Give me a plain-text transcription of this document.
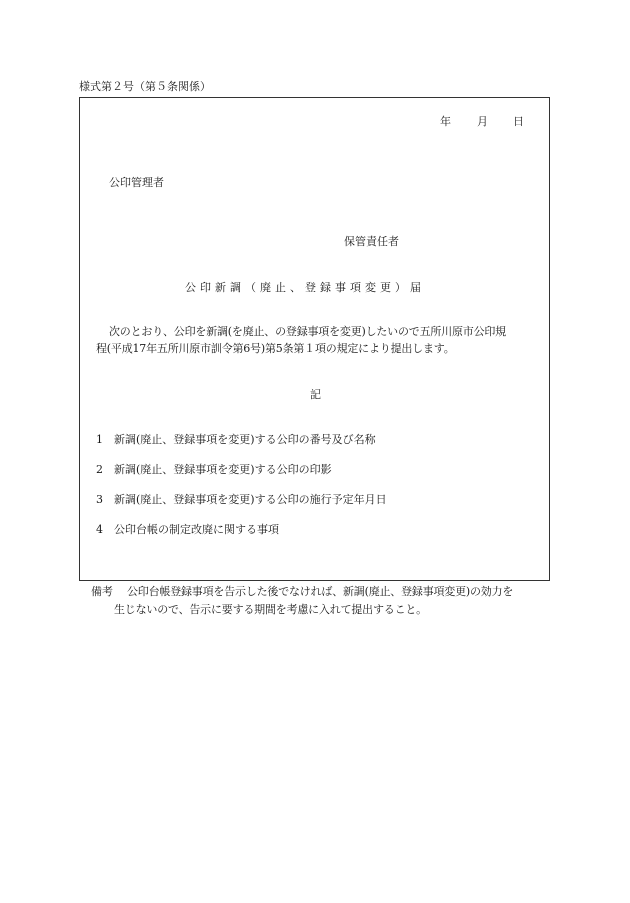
様式第２号（第５条関係）
年 月 日
公印管理者
保管責任者
公印新調（廃止、登録事項変更）届
次のとおり、公印を新調(を廃止、の登録事項を変更)したいので五所川原市公印規
程(平成17年五所川原市訓令第6号)第5条第１項の規定により提出します。
記
1 新調(廃止、登録事項を変更)する公印の番号及び名称
2 新調(廃止、登録事項を変更)する公印の印影
3 新調(廃止、登録事項を変更)する公印の施行予定年月日
4 公印台帳の制定改廃に関する事項
備考 公印台帳登録事項を告示した後でなければ、新調(廃止、登録事項変更)の効力を
生じないので、告示に要する期間を考慮に入れて提出すること。
